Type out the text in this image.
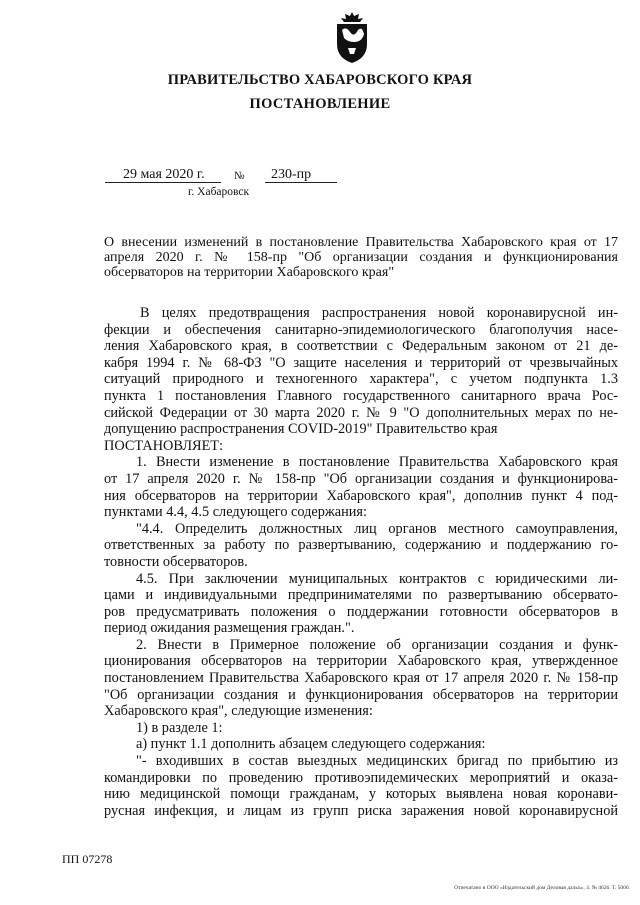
ПРАВИТЕЛЬСТВО ХАБАРОВСКОГО КРАЯ
ПОСТАНОВЛЕНИЕ
29 мая 2020 г.	№ 230-пр
г. Хабаровск
О внесении изменений в постановление Правительства Хабаровского края от 17 апреля 2020 г. № 158-пр "Об организации создания и функционирования обсерваторов на территории Хабаровского края"

В целях предотвращения распространения новой коронавирусной ин-

фекции и обеспечения санитарно-эпидемиологического благополучия насе-

ления Хабаровского края, в соответствии с Федеральным законом от 21 де-

кабря 1994 г. № 68-ФЗ "О защите населения и территорий от чрезвычайных

ситуаций природного и техногенного характера", с учетом подпункта 1.3

пункта 1 постановления Главного государственного санитарного врача Рос-

сийской Федерации от 30 марта 2020 г. № 9 "О дополнительных мерах по не-

допущению распространения COVID-2019" Правительство края

ПОСТАНОВЛЯЕТ:

1. Внести изменение в постановление Правительства Хабаровского края

от 17 апреля 2020 г. № 158-пр "Об организации создания и функционирова-

ния обсерваторов на территории Хабаровского края", дополнив пункт 4 под-

пунктами 4.4, 4.5 следующего содержания:

"4.4. Определить должностных лиц органов местного самоуправления,

ответственных за работу по развертыванию, содержанию и поддержанию го-

товности обсерваторов.

4.5. При заключении муниципальных контрактов с юридическими ли-

цами и индивидуальными предпринимателями по развертыванию обсервато-

ров предусматривать положения о поддержании готовности обсерваторов в

период ожидания размещения граждан.".

2. Внести в Примерное положение об организации создания и функ-

ционирования обсерваторов на территории Хабаровского края, утвержденное

постановлением Правительства Хабаровского края от 17 апреля 2020 г. № 158-пр

"Об организации создания и функционирования обсерваторов на территории

Хабаровского края", следующие изменения:

1) в разделе 1:

а) пункт 1.1 дополнить абзацем следующего содержания:

"- входивших в состав выездных медицинских бригад по прибытию из

командировки по проведению противоэпидемических мероприятий и оказа-

нию медицинской помощи гражданам, у которых выявлена новая коронави-

русная инфекция, и лицам из групп риска заражения новой коронавирусной

ПП 07278
Отпечатано в ООО «Издательский дом Деловая дальъ», З. № 4626. Т. 5000.
